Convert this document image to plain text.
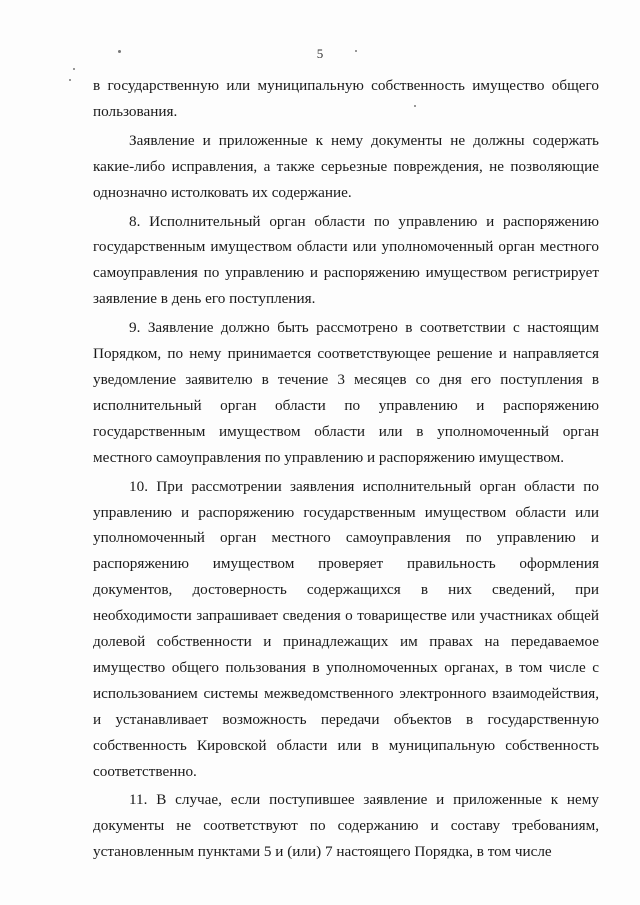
5

в государственную или муниципальную собственность имущество общего пользования.

Заявление и приложенные к нему документы не должны содержать какие-либо исправления, а также серьезные повреждения, не позволяющие однозначно истолковать их содержание.

8. Исполнительный орган области по управлению и распоряжению государственным имуществом области или уполномоченный орган местного самоуправления по управлению и распоряжению имуществом регистрирует заявление в день его поступления.

9. Заявление должно быть рассмотрено в соответствии с настоящим Порядком, по нему принимается соответствующее решение и направляется уведомление заявителю в течение 3 месяцев со дня его поступления в исполнительный орган области по управлению и распоряжению государственным имуществом области или в уполномоченный орган местного самоуправления по управлению и распоряжению имуществом.

10. При рассмотрении заявления исполнительный орган области по управлению и распоряжению государственным имуществом области или уполномоченный орган местного самоуправления по управлению и распоряжению имуществом проверяет правильность оформления документов, достоверность содержащихся в них сведений, при необходимости запрашивает сведения о товариществе или участниках общей долевой собственности и принадлежащих им правах на передаваемое имущество общего пользования в уполномоченных органах, в том числе с использованием системы межведомственного электронного взаимодействия, и устанавливает возможность передачи объектов в государственную собственность Кировской области или в муниципальную собственность соответственно.

11. В случае, если поступившее заявление и приложенные к нему документы не соответствуют по содержанию и составу требованиям, установленным пунктами 5 и (или) 7 настоящего Порядка, в том числе
